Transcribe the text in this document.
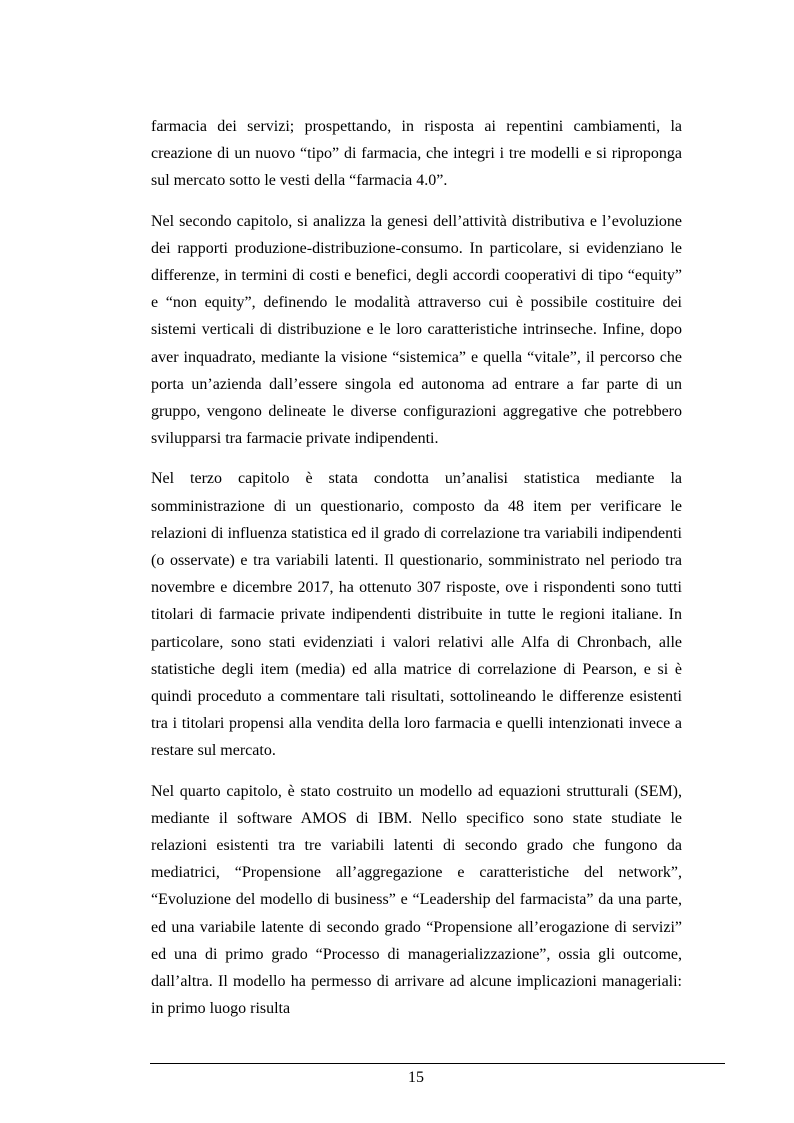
farmacia dei servizi; prospettando, in risposta ai repentini cambiamenti, la creazione di un nuovo “tipo” di farmacia, che integri i tre modelli e si riproponga sul mercato sotto le vesti della “farmacia 4.0”.

Nel secondo capitolo, si analizza la genesi dell’attività distributiva e l’evoluzione dei rapporti produzione-distribuzione-consumo. In particolare, si evidenziano le differenze, in termini di costi e benefici, degli accordi cooperativi di tipo “equity” e “non equity”, definendo le modalità attraverso cui è possibile costituire dei sistemi verticali di distribuzione e le loro caratteristiche intrinseche. Infine, dopo aver inquadrato, mediante la visione “sistemica” e quella “vitale”, il percorso che porta un’azienda dall’essere singola ed autonoma ad entrare a far parte di un gruppo, vengono delineate le diverse configurazioni aggregative che potrebbero svilupparsi tra farmacie private indipendenti.

Nel terzo capitolo è stata condotta un’analisi statistica mediante la somministrazione di un questionario, composto da 48 item per verificare le relazioni di influenza statistica ed il grado di correlazione tra variabili indipendenti (o osservate) e tra variabili latenti. Il questionario, somministrato nel periodo tra novembre e dicembre 2017, ha ottenuto 307 risposte, ove i rispondenti sono tutti titolari di farmacie private indipendenti distribuite in tutte le regioni italiane. In particolare, sono stati evidenziati i valori relativi alle Alfa di Chronbach, alle statistiche degli item (media) ed alla matrice di correlazione di Pearson, e si è quindi proceduto a commentare tali risultati, sottolineando le differenze esistenti tra i titolari propensi alla vendita della loro farmacia e quelli intenzionati invece a restare sul mercato.

Nel quarto capitolo, è stato costruito un modello ad equazioni strutturali (SEM), mediante il software AMOS di IBM. Nello specifico sono state studiate le relazioni esistenti tra tre variabili latenti di secondo grado che fungono da mediatrici, “Propensione all’aggregazione e caratteristiche del network”, “Evoluzione del modello di business” e “Leadership del farmacista” da una parte, ed una variabile latente di secondo grado “Propensione all’erogazione di servizi” ed una di primo grado “Processo di managerializzazione”, ossia gli outcome, dall’altra. Il modello ha permesso di arrivare ad alcune implicazioni manageriali: in primo luogo risulta

15
